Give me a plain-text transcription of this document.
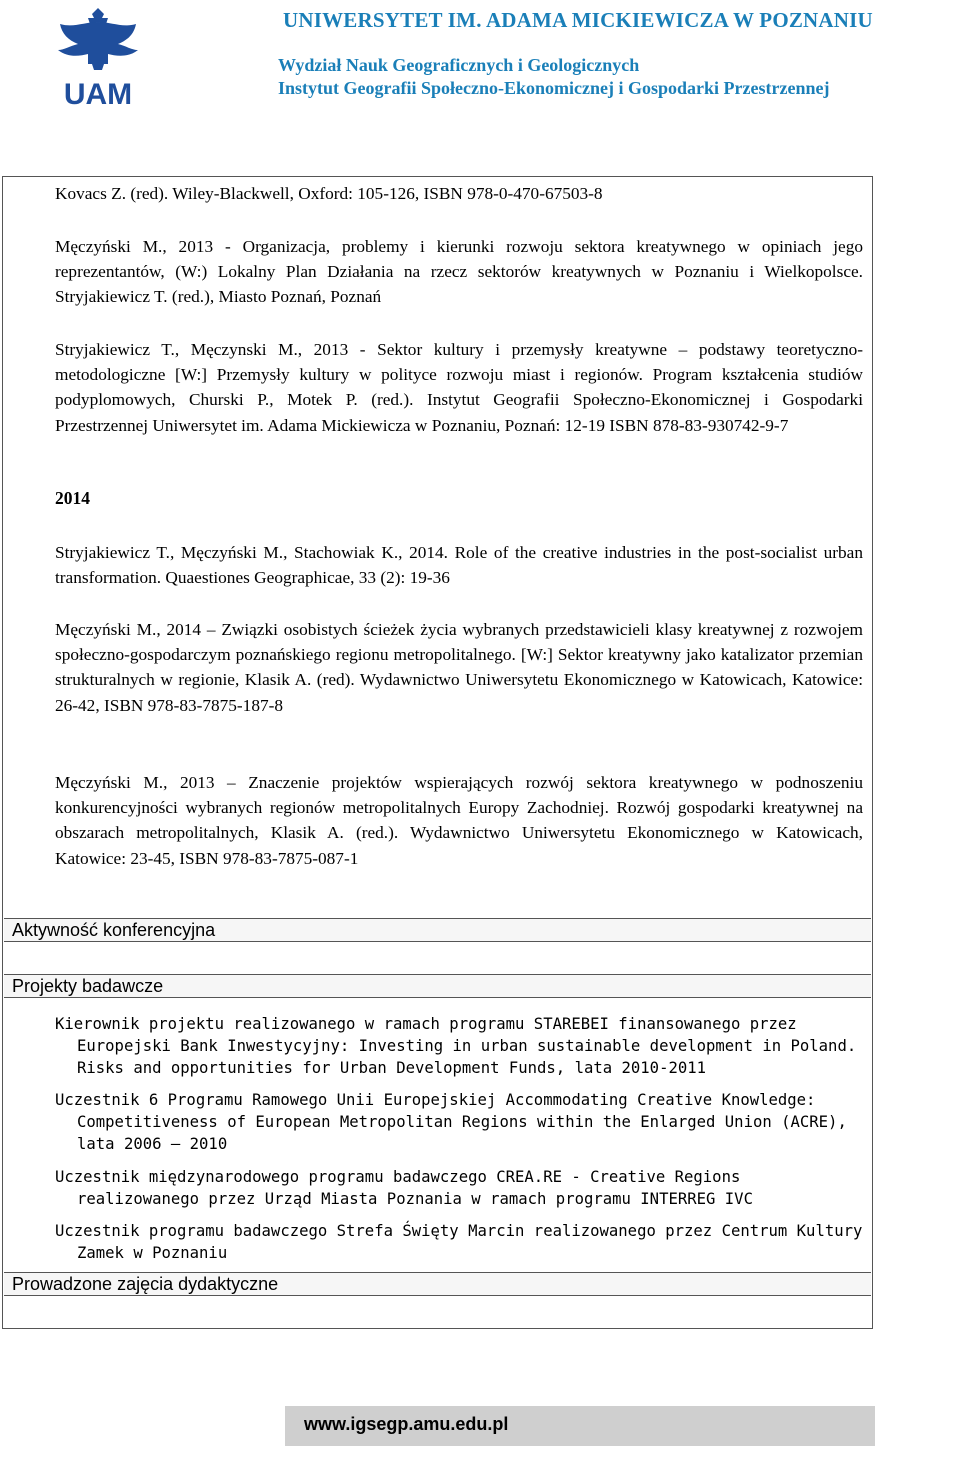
UAM
UNIWERSYTET IM. ADAMA MICKIEWICZA W POZNANIU
Wydział Nauk Geograficznych i Geologicznych
Instytut Geografii Społeczno-Ekonomicznej i Gospodarki Przestrzennej
Kovacs Z. (red). Wiley-Blackwell, Oxford: 105-126, ISBN 978-0-470-67503-8
Męczyński M., 2013 - Organizacja, problemy i kierunki rozwoju sektora kreatywnego w opiniach jego reprezentantów, (W:) Lokalny Plan Działania na rzecz sektorów kreatywnych w Poznaniu i Wielkopolsce. Stryjakiewicz T. (red.), Miasto Poznań, Poznań
Stryjakiewicz T., Męczynski M., 2013 - Sektor kultury i przemysły kreatywne – podstawy teoretyczno-metodologiczne [W:] Przemysły kultury w polityce rozwoju miast i regionów. Program kształcenia studiów podyplomowych, Churski P., Motek P. (red.). Instytut Geografii Społeczno-Ekonomicznej i Gospodarki Przestrzennej Uniwersytet im. Adama Mickiewicza w Poznaniu, Poznań: 12-19 ISBN 878-83-930742-9-7
2014
Stryjakiewicz T., Męczyński M., Stachowiak K., 2014. Role of the creative industries in the post-socialist urban transformation. Quaestiones Geographicae, 33 (2): 19-36
Męczyński M., 2014 – Związki osobistych ścieżek życia wybranych przedstawicieli klasy kreatywnej z rozwojem społeczno-gospodarczym poznańskiego regionu metropolitalnego. [W:] Sektor kreatywny jako katalizator przemian strukturalnych w regionie, Klasik A. (red). Wydawnictwo Uniwersytetu Ekonomicznego w Katowicach, Katowice: 26-42, ISBN 978-83-7875-187-8
Męczyński M., 2013 – Znaczenie projektów wspierających rozwój sektora kreatywnego w podnoszeniu konkurencyjności wybranych regionów metropolitalnych Europy Zachodniej. Rozwój gospodarki kreatywnej na obszarach metropolitalnych, Klasik A. (red.). Wydawnictwo Uniwersytetu Ekonomicznego w Katowicach, Katowice: 23-45, ISBN 978-83-7875-087-1
Aktywność konferencyjna
Projekty badawcze
Kierownik projektu realizowanego w ramach programu STAREBEI finansowanego przez Europejski Bank Inwestycyjny: Investing in urban sustainable development in Poland. Risks and opportunities for Urban Development Funds, lata 2010-2011
Uczestnik 6 Programu Ramowego Unii Europejskiej Accommodating Creative Knowledge: Competitiveness of European Metropolitan Regions within the Enlarged Union (ACRE), lata 2006 – 2010
Uczestnik międzynarodowego programu badawczego CREA.RE - Creative Regions realizowanego przez Urząd Miasta Poznania w ramach programu INTERREG IVC
Uczestnik programu badawczego Strefa Święty Marcin realizowanego przez Centrum Kultury Zamek w Poznaniu
Prowadzone zajęcia dydaktyczne
www.igsegp.amu.edu.pl
